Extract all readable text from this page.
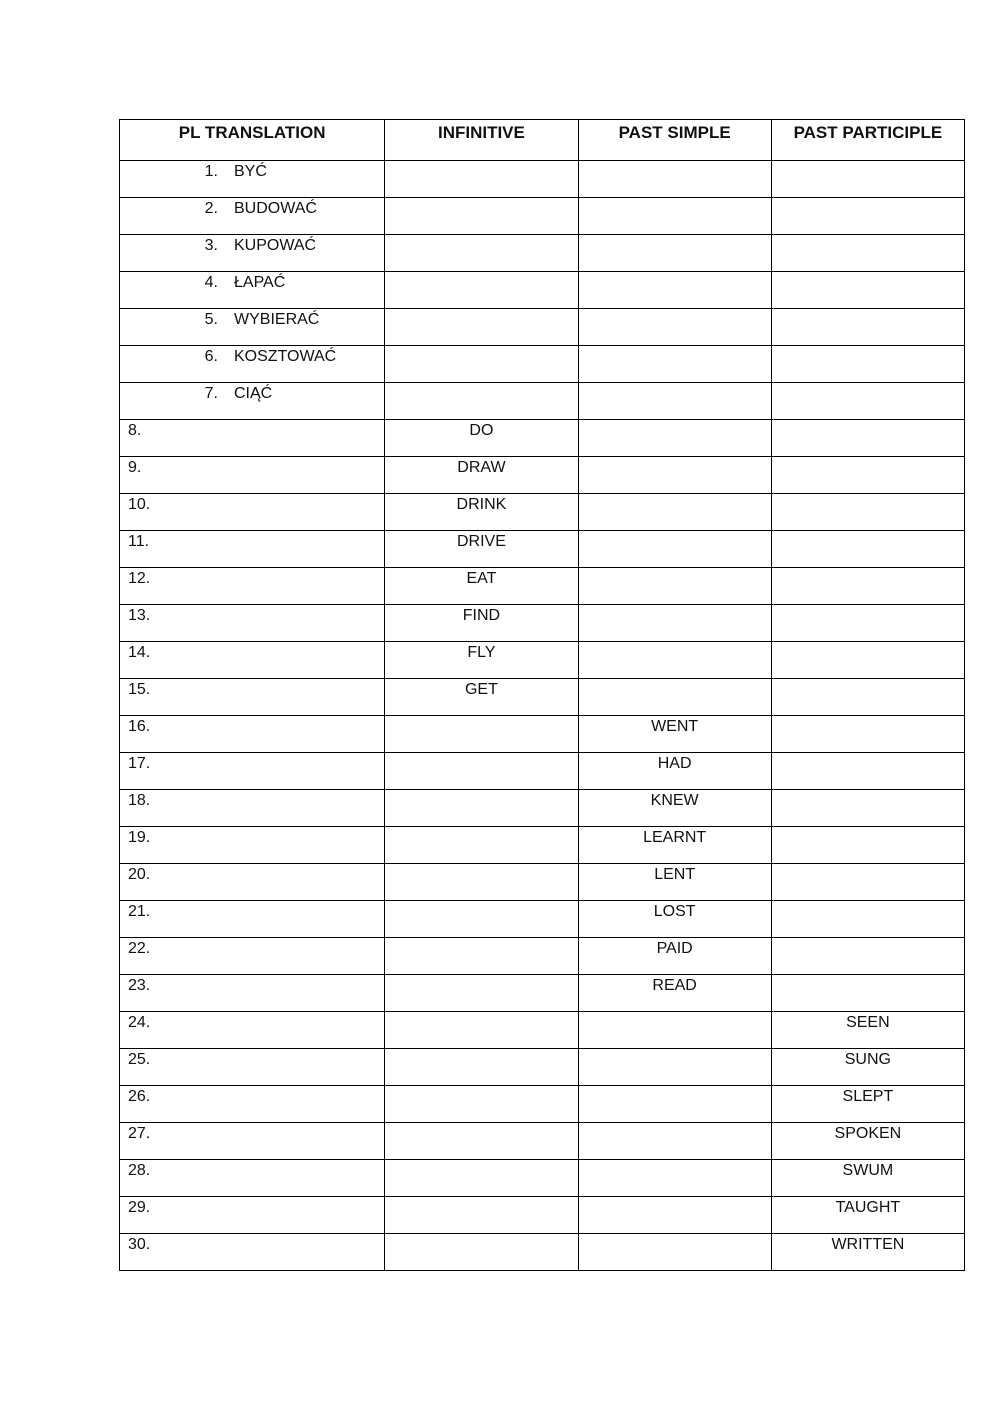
PL TRANSLATION	INFINITIVE	PAST SIMPLE	PAST PARTICIPLE

1. BYĆ			

2. BUDOWAĆ			

3. KUPOWAĆ			

4. ŁAPAĆ			

5. WYBIERAĆ			

6. KOSZTOWAĆ			

7. CIĄĆ			

8.	DO		
9.	DRAW		
10.	DRINK		
11.	DRIVE		
12.	EAT		
13.	FIND		
14.	FLY		
15.	GET		
16.		WENT	
17.		HAD	
18.		KNEW	
19.		LEARNT	
20.		LENT	
21.		LOST	
22.		PAID	
23.		READ	
24.			SEEN
25.			SUNG
26.			SLEPT
27.			SPOKEN
28.			SWUM
29.			TAUGHT
30.			WRITTEN
